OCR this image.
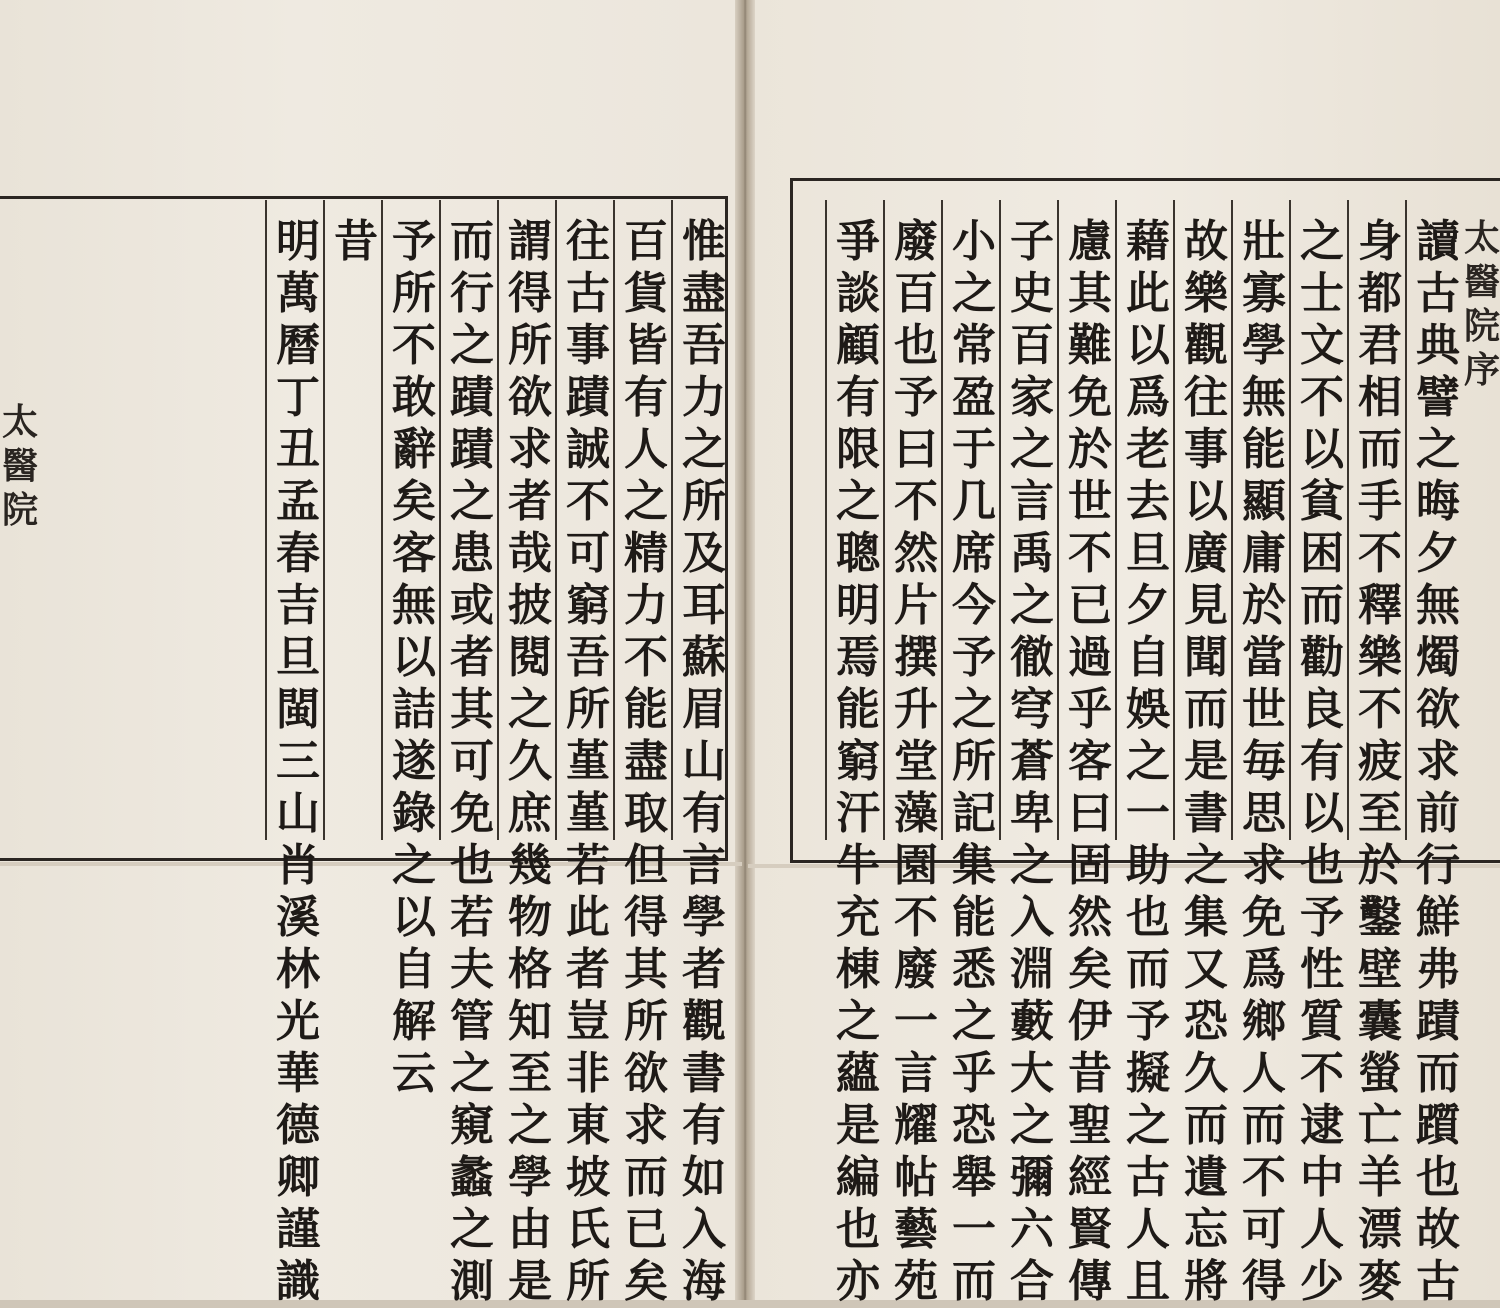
惟
盡
吾
力
之
所
及
耳
蘇
眉
山
有
言
學
者
觀
書
有
如
入
海
百
貨
皆
有
人
之
精
力
不
能
盡
取
但
得
其
所
欲
求
而
已
矣
往
古
事
蹟
誠
不
可
窮
吾
所
堇
堇
若
此
者
豈
非
東
坡
氏
所
謂
得
所
欲
求
者
哉
披
閱
之
久
庶
幾
物
格
知
至
之
學
由
是
而
行
之
蹟
蹟
之
患
或
者
其
可
免
也
若
夫
管
之
窺
蠡
之
測
予
所
不
敢
辭
矣
客
無
以
詰
遂
錄
之
以
自
解
云
昔
明
萬
曆
丁
丑
孟
春
吉
旦
閩
三
山
肖
溪
林
光
華
德
卿
謹
識
讀
古
典
譬
之
晦
夕
無
燭
欲
求
前
行
鮮
弗
蹟
而
躓
也
故
古
身
都
君
相
而
手
不
釋
樂
不
疲
至
於
鑿
壁
囊
螢
亡
羊
漂
麥
之
士
文
不
以
貧
困
而
勸
良
有
以
也
予
性
質
不
逮
中
人
少
壯
寡
學
無
能
顯
庸
於
當
世
毎
思
求
免
爲
鄉
人
而
不
可
得
故
樂
觀
往
事
以
廣
見
聞
而
是
書
之
集
又
恐
久
而
遺
忘
將
藉
此
以
爲
老
去
旦
夕
自
娛
之
一
助
也
而
予
擬
之
古
人
且
慮
其
難
免
於
世
不
已
過
乎
客
曰
固
然
矣
伊
昔
聖
經
賢
傳
子
史
百
家
之
言
禹
之
徹
穹
蒼
卑
之
入
淵
藪
大
之
彌
六
合
小
之
常
盈
于
几
席
今
予
之
所
記
集
能
悉
之
乎
恐
舉
一
而
廢
百
也
予
曰
不
然
片
撰
升
堂
藻
園
不
廢
一
言
耀
帖
藝
苑
爭
談
顧
有
限
之
聰
明
焉
能
窮
汗
牛
充
棟
之
蘊
是
編
也
亦
太
醫
院
太
醫
院
序
